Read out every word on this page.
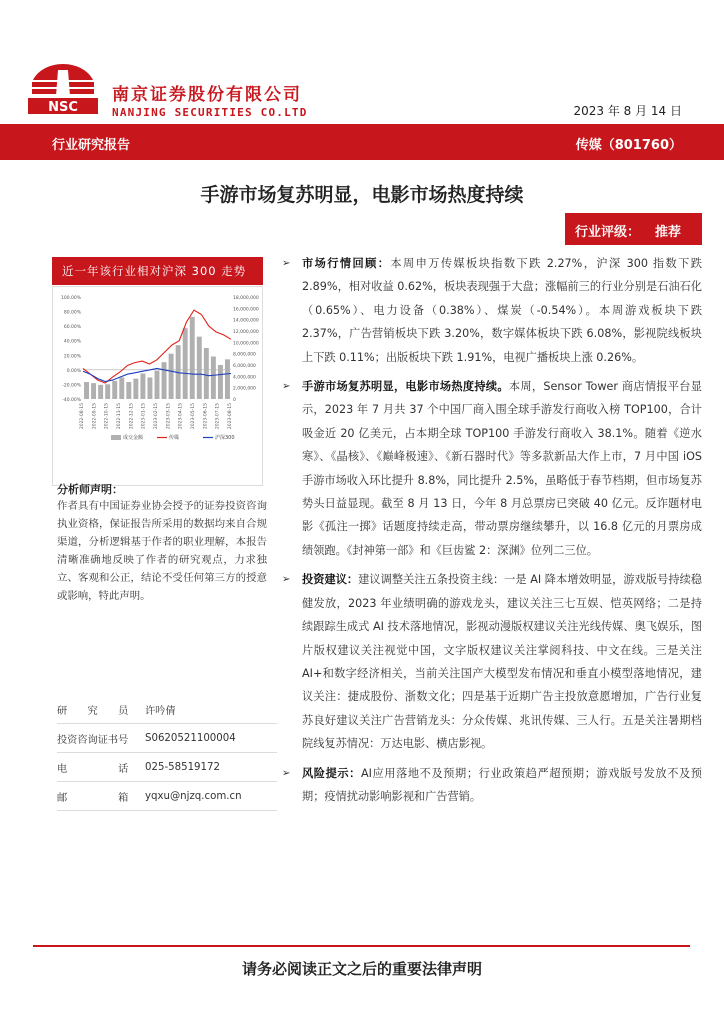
NSC
南京证券股份有限公司
NANJING SECURITIES CO.LTD	2023 年 8 月 14 日
行业研究报告	传媒（801760）
手游市场复苏明显，电影市场热度持续
行业评级： 推荐
近一年该行业相对沪深 300 走势
100.00%
80.00%
60.00%
40.00%
20.00%
0.00%
-20.00%
-40.00%
18,000,000
16,000,000
14,000,000
12,000,000
10,000,000
8,000,000
6,000,000
4,000,000
2,000,000
0
2022-08-15 2022-09-15 2022-10-15 2022-11-15 2022-12-15 2023-01-15 2023-02-15 2023-03-15 2023-04-15 2023-05-15 2023-06-15 2023-07-15 2023-08-15
成交金额	传媒	沪深300
分析师声明：
作者具有中国证券业协会授予的证券投资咨询执业资格，保证报告所采用的数据均来自合规渠道，分析逻辑基于作者的职业理解，本报告清晰准确地反映了作者的研究观点，力求独立、客观和公正，结论不受任何第三方的授意或影响，特此声明。
研　　究　　员	许吟倩
投资咨询证书号	S0620521100004
电　　　　　话	025-58519172
邮　　　　　箱	yqxu@njzq.com.cn
➢ 市场行情回顾：本周申万传媒板块指数下跌 2.27%，沪深 300 指数下跌 2.89%，相对收益 0.62%，板块表现强于大盘；涨幅前三的行业分别是石油石化（0.65%）、电力设备（0.38%）、煤炭（-0.54%）。本周游戏板块下跌 2.37%，广告营销板块下跌 3.20%，数字媒体板块下跌 6.08%，影视院线板块上下跌 0.11%；出版板块下跌 1.91%，电视广播板块上涨 0.26%。
➢ 手游市场复苏明显，电影市场热度持续。本周，Sensor Tower 商店情报平台显示，2023 年 7 月共 37 个中国厂商入围全球手游发行商收入榜 TOP100，合计吸金近 20 亿美元，占本期全球 TOP100 手游发行商收入 38.1%。随着《逆水寒》、《晶核》、《巅峰极速》、《新石器时代》等多款新品大作上市，7 月中国 iOS 手游市场收入环比提升 8.8%，同比提升 2.5%，虽略低于春节档期，但市场复苏势头日益显现。截至 8 月 13 日，今年 8 月总票房已突破 40 亿元。反诈题材电影《孤注一掷》话题度持续走高，带动票房继续攀升，以 16.8 亿元的月票房成绩领跑。《封神第一部》和《巨齿鲨 2：深渊》位列二三位。
➢ 投资建议：建议调整关注五条投资主线：一是 AI 降本增效明显，游戏版号持续稳健发放，2023 年业绩明确的游戏龙头，建议关注三七互娱、恺英网络；二是持续跟踪生成式 AI 技术落地情况，影视动漫版权建议关注光线传媒、奥飞娱乐，图片版权建议关注视觉中国，文字版权建议关注掌阅科技、中文在线。三是关注 AI+和数字经济相关，当前关注国产大模型发布情况和垂直小模型落地情况，建议关注：捷成股份、浙数文化；四是基于近期广告主投放意愿增加，广告行业复苏良好建议关注广告营销龙头：分众传媒、兆讯传媒、三人行。五是关注暑期档院线复苏情况：万达电影、横店影视。
➢ 风险提示：AI应用落地不及预期；行业政策趋严超预期；游戏版号发放不及预期；疫情扰动影响影视和广告营销。
请务必阅读正文之后的重要法律声明
